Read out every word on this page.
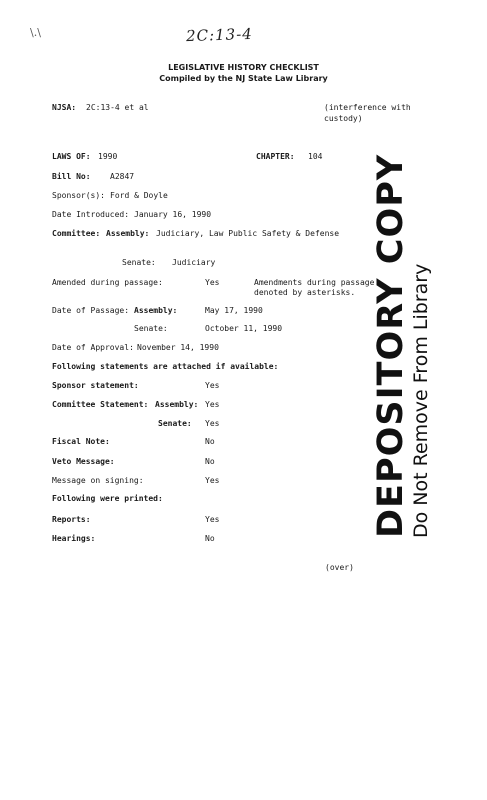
\.\	2C:13-4
LEGISLATIVE HISTORY CHECKLIST
Compiled by the NJ State Law Library
NJSA: 2C:13-4 et al	(interference with
custody)
LAWS OF: 1990	CHAPTER: 104
Bill No: A2847
Sponsor(s): Ford & Doyle
Date Introduced: January 16, 1990
Committee: Assembly: Judiciary, Law Public Safety & Defense
Senate: Judiciary
Amended during passage:	Yes	Amendments during passage
denoted by asterisks.
Date of Passage: Assembly:	May 17, 1990
Senate:	October 11, 1990
Date of Approval: November 14, 1990
Following statements are attached if available:
Sponsor statement:	Yes
Committee Statement: Assembly: Yes
Senate: Yes
Fiscal Note:	No
Veto Message:	No
Message on signing:	Yes
Following were printed:
Reports:	Yes
Hearings:	No
(over)
DEPOSITORY COPY Do Not Remove From Library
